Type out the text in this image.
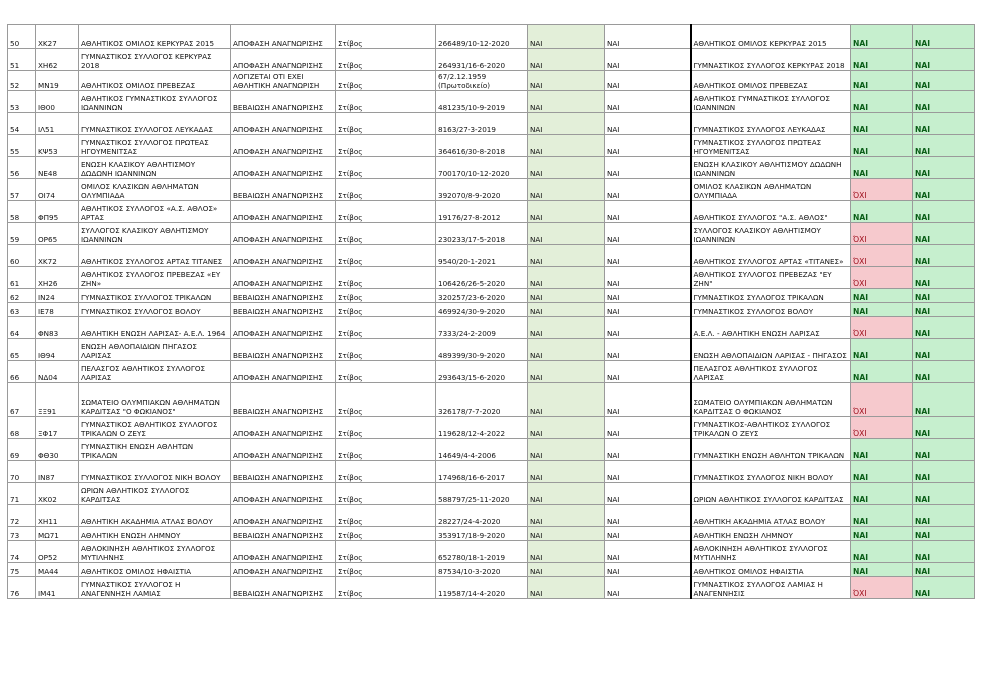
50	ΧΚ27	ΑΘΛΗΤΙΚΟΣ ΟΜΙΛΟΣ ΚΕΡΚΥΡΑΣ 2015	ΑΠΟΦΑΣΗ ΑΝΑΓΝΩΡΙΣΗΣ	Στίβος	266489/10-12-2020	ΝΑΙ	ΝΑΙ	ΑΘΛΗΤΙΚΟΣ ΟΜΙΛΟΣ ΚΕΡΚΥΡΑΣ 2015	ΝΑΙ	ΝΑΙ
51	ΧΗ62	ΓΥΜΝΑΣΤΙΚΟΣ ΣΥΛΛΟΓΟΣ ΚΕΡΚΥΡΑΣ 2018	ΑΠΟΦΑΣΗ ΑΝΑΓΝΩΡΙΣΗΣ	Στίβος	264931/16-6-2020	ΝΑΙ	ΝΑΙ	ΓΥΜΝΑΣΤΙΚΟΣ ΣΥΛΛΟΓΟΣ ΚΕΡΚΥΡΑΣ 2018	ΝΑΙ	ΝΑΙ
52	ΜΝ19	ΑΘΛΗΤΙΚΟΣ ΟΜΙΛΟΣ ΠΡΕΒΕΖΑΣ	ΛΟΓΙΖΕΤΑΙ ΟΤΙ ΕΧΕΙ ΑΘΛΗΤΙΚΗ ΑΝΑΓΝΩΡΙΣΗ	Στίβος	67/2.12.1959 (Πρωτοδικείο)	ΝΑΙ	ΝΑΙ	ΑΘΛΗΤΙΚΟΣ ΟΜΙΛΟΣ ΠΡΕΒΕΖΑΣ	ΝΑΙ	ΝΑΙ
53	ΙΘ00	ΑΘΛΗΤΙΚΟΣ ΓΥΜΝΑΣΤΙΚΟΣ ΣΥΛΛΟΓΟΣ ΙΩΑΝΝΙΝΩΝ	ΒΕΒΑΙΩΣΗ ΑΝΑΓΝΩΡΙΣΗΣ	Στίβος	481235/10-9-2019	ΝΑΙ	ΝΑΙ	ΑΘΛΗΤΙΚΟΣ ΓΥΜΝΑΣΤΙΚΟΣ ΣΥΛΛΟΓΟΣ ΙΩΑΝΝΙΝΩΝ	ΝΑΙ	ΝΑΙ
54	ΙΛ51	ΓΥΜΝΑΣΤΙΚΟΣ ΣΥΛΛΟΓΟΣ ΛΕΥΚΑΔΑΣ	ΑΠΟΦΑΣΗ ΑΝΑΓΝΩΡΙΣΗΣ	Στίβος	8163/27-3-2019	ΝΑΙ	ΝΑΙ	ΓΥΜΝΑΣΤΙΚΟΣ ΣΥΛΛΟΓΟΣ ΛΕΥΚΑΔΑΣ	ΝΑΙ	ΝΑΙ
55	ΚΨ53	ΓΥΜΝΑΣΤΙΚΟΣ ΣΥΛΛΟΓΟΣ ΠΡΩΤΕΑΣ ΗΓΟΥΜΕΝΙΤΣΑΣ	ΑΠΟΦΑΣΗ ΑΝΑΓΝΩΡΙΣΗΣ	Στίβος	364616/30-8-2018	ΝΑΙ	ΝΑΙ	ΓΥΜΝΑΣΤΙΚΟΣ ΣΥΛΛΟΓΟΣ ΠΡΩΤΕΑΣ ΗΓΟΥΜΕΝΙΤΣΑΣ	ΝΑΙ	ΝΑΙ
56	ΝΕ48	ΕΝΩΣΗ ΚΛΑΣΙΚΟΥ ΑΘΛΗΤΙΣΜΟΥ ΔΩΔΩΝΗ ΙΩΑΝΝΙΝΩΝ	ΑΠΟΦΑΣΗ ΑΝΑΓΝΩΡΙΣΗΣ	Στίβος	700170/10-12-2020	ΝΑΙ	ΝΑΙ	ΕΝΩΣΗ ΚΛΑΣΙΚΟΥ ΑΘΛΗΤΙΣΜΟΥ ΔΩΔΩΝΗ ΙΩΑΝΝΙΝΩΝ	ΝΑΙ	ΝΑΙ
57	ΟΙ74	ΟΜΙΛΟΣ ΚΛΑΣΙΚΩΝ ΑΘΛΗΜΑΤΩΝ ΟΛΥΜΠΙΑΔΑ	ΒΕΒΑΙΩΣΗ ΑΝΑΓΝΩΡΙΣΗΣ	Στίβος	392070/8-9-2020	ΝΑΙ	ΝΑΙ	ΟΜΙΛΟΣ ΚΛΑΣΙΚΩΝ ΑΘΛΗΜΑΤΩΝ ΟΛΥΜΠΙΑΔΑ	ΌΧΙ	ΝΑΙ
58	ΦΠ95	ΑΘΛΗΤΙΚΟΣ ΣΥΛΛΟΓΟΣ «Α.Σ. ΑΘΛΟΣ» ΑΡΤΑΣ	ΑΠΟΦΑΣΗ ΑΝΑΓΝΩΡΙΣΗΣ	Στίβος	19176/27-8-2012	ΝΑΙ	ΝΑΙ	ΑΘΛΗΤΙΚΟΣ ΣΥΛΛΟΓΟΣ "Α.Σ. ΑΘΛΟΣ"	ΝΑΙ	ΝΑΙ
59	ΟΡ65	ΣΥΛΛΟΓΟΣ ΚΛΑΣΙΚΟΥ ΑΘΛΗΤΙΣΜΟΥ ΙΩΑΝΝΙΝΩΝ	ΑΠΟΦΑΣΗ ΑΝΑΓΝΩΡΙΣΗΣ	Στίβος	230233/17-5-2018	ΝΑΙ	ΝΑΙ	ΣΥΛΛΟΓΟΣ ΚΛΑΣΙΚΟΥ ΑΘΛΗΤΙΣΜΟΥ ΙΩΑΝΝΙΝΩΝ	ΌΧΙ	ΝΑΙ
60	ΧΚ72	ΑΘΛΗΤΙΚΟΣ ΣΥΛΛΟΓΟΣ ΑΡΤΑΣ ΤΙΤΑΝΕΣ	ΑΠΟΦΑΣΗ ΑΝΑΓΝΩΡΙΣΗΣ	Στίβος	9540/20-1-2021	ΝΑΙ	ΝΑΙ	ΑΘΛΗΤΙΚΟΣ ΣΥΛΛΟΓΟΣ ΑΡΤΑΣ «ΤΙΤΑΝΕΣ»	ΌΧΙ	ΝΑΙ
61	ΧΗ26	ΑΘΛΗΤΙΚΟΣ ΣΥΛΛΟΓΟΣ ΠΡΕΒΕΖΑΣ «ΕΥ ΖΗΝ»	ΑΠΟΦΑΣΗ ΑΝΑΓΝΩΡΙΣΗΣ	Στίβος	106426/26-5-2020	ΝΑΙ	ΝΑΙ	ΑΘΛΗΤΙΚΟΣ ΣΥΛΛΟΓΟΣ ΠΡΕΒΕΖΑΣ "ΕΥ ΖΗΝ"	ΌΧΙ	ΝΑΙ
62	ΙΝ24	ΓΥΜΝΑΣΤΙΚΟΣ ΣΥΛΛΟΓΟΣ ΤΡΙΚΑΛΩΝ	ΒΕΒΑΙΩΣΗ ΑΝΑΓΝΩΡΙΣΗΣ	Στίβος	320257/23-6-2020	ΝΑΙ	ΝΑΙ	ΓΥΜΝΑΣΤΙΚΟΣ ΣΥΛΛΟΓΟΣ ΤΡΙΚΑΛΩΝ	ΝΑΙ	ΝΑΙ
63	ΙΕ78	ΓΥΜΝΑΣΤΙΚΟΣ ΣΥΛΛΟΓΟΣ ΒΟΛΟΥ	ΒΕΒΑΙΩΣΗ ΑΝΑΓΝΩΡΙΣΗΣ	Στίβος	469924/30-9-2020	ΝΑΙ	ΝΑΙ	ΓΥΜΝΑΣΤΙΚΟΣ ΣΥΛΛΟΓΟΣ ΒΟΛΟΥ	ΝΑΙ	ΝΑΙ
64	ΦΝ83	ΑΘΛΗΤΙΚΗ ΕΝΩΣΗ ΛΑΡΙΣΑΣ- Α.Ε.Λ. 1964	ΑΠΟΦΑΣΗ ΑΝΑΓΝΩΡΙΣΗΣ	Στίβος	7333/24-2-2009	ΝΑΙ	ΝΑΙ	Α.Ε.Λ. - ΑΘΛΗΤΙΚΗ ΕΝΩΣΗ ΛΑΡΙΣΑΣ	ΌΧΙ	ΝΑΙ
65	ΙΘ94	ΕΝΩΣΗ ΑΘΛΟΠΑΙΔΙΩΝ ΠΗΓΑΣΟΣ ΛΑΡΙΣΑΣ	ΒΕΒΑΙΩΣΗ ΑΝΑΓΝΩΡΙΣΗΣ	Στίβος	489399/30-9-2020	ΝΑΙ	ΝΑΙ	ΕΝΩΣΗ ΑΘΛΟΠΑΙΔΙΩΝ ΛΑΡΙΣΑΣ - ΠΗΓΑΣΟΣ	ΝΑΙ	ΝΑΙ
66	ΝΔ04	ΠΕΛΑΣΓΟΣ ΑΘΛΗΤΙΚΟΣ ΣΥΛΛΟΓΟΣ ΛΑΡΙΣΑΣ	ΑΠΟΦΑΣΗ ΑΝΑΓΝΩΡΙΣΗΣ	Στίβος	293643/15-6-2020	ΝΑΙ	ΝΑΙ	ΠΕΛΑΣΓΟΣ ΑΘΛΗΤΙΚΟΣ ΣΥΛΛΟΓΟΣ ΛΑΡΙΣΑΣ	ΝΑΙ	ΝΑΙ
67	ΞΞ91	ΣΩΜΑΤΕΙΟ ΟΛΥΜΠΙΑΚΩΝ ΑΘΛΗΜΑΤΩΝ ΚΑΡΔΙΤΣΑΣ "Ο ΦΩΚΙΑΝΟΣ"	ΒΕΒΑΙΩΣΗ ΑΝΑΓΝΩΡΙΣΗΣ	Στίβος	326178/7-7-2020	ΝΑΙ	ΝΑΙ	ΣΩΜΑΤΕΙΟ ΟΛΥΜΠΙΑΚΩΝ ΑΘΛΗΜΑΤΩΝ ΚΑΡΔΙΤΣΑΣ Ο ΦΩΚΙΑΝΟΣ	ΌΧΙ	ΝΑΙ
68	ΞΦ17	ΓΥΜΝΑΣΤΙΚΟΣ ΑΘΛΗΤΙΚΟΣ ΣΥΛΛΟΓΟΣ ΤΡΙΚΑΛΩΝ Ο ΖΕΥΣ	ΑΠΟΦΑΣΗ ΑΝΑΓΝΩΡΙΣΗΣ	Στίβος	119628/12-4-2022	ΝΑΙ	ΝΑΙ	ΓΥΜΝΑΣΤΙΚΟΣ-ΑΘΛΗΤΙΚΟΣ ΣΥΛΛΟΓΟΣ ΤΡΙΚΑΛΩΝ Ο ΖΕΥΣ	ΌΧΙ	ΝΑΙ
69	ΦΘ30	ΓΥΜΝΑΣΤΙΚΗ ΕΝΩΣΗ ΑΘΛΗΤΩΝ ΤΡΙΚΑΛΩΝ	ΑΠΟΦΑΣΗ ΑΝΑΓΝΩΡΙΣΗΣ	Στίβος	14649/4-4-2006	ΝΑΙ	ΝΑΙ	ΓΥΜΝΑΣΤΙΚΗ ΕΝΩΣΗ ΑΘΛΗΤΩΝ ΤΡΙΚΑΛΩΝ	ΝΑΙ	ΝΑΙ
70	ΙΝ87	ΓΥΜΝΑΣΤΙΚΟΣ ΣΥΛΛΟΓΟΣ ΝΙΚΗ ΒΟΛΟΥ	ΒΕΒΑΙΩΣΗ ΑΝΑΓΝΩΡΙΣΗΣ	Στίβος	174968/16-6-2017	ΝΑΙ	ΝΑΙ	ΓΥΜΝΑΣΤΙΚΟΣ ΣΥΛΛΟΓΟΣ ΝΙΚΗ ΒΟΛΟΥ	ΝΑΙ	ΝΑΙ
71	ΧΚ02	ΩΡΙΩΝ ΑΘΛΗΤΙΚΟΣ ΣΥΛΛΟΓΟΣ ΚΑΡΔΙΤΣΑΣ	ΑΠΟΦΑΣΗ ΑΝΑΓΝΩΡΙΣΗΣ	Στίβος	588797/25-11-2020	ΝΑΙ	ΝΑΙ	ΩΡΙΩΝ ΑΘΛΗΤΙΚΟΣ ΣΥΛΛΟΓΟΣ ΚΑΡΔΙΤΣΑΣ	ΝΑΙ	ΝΑΙ
72	ΧΗ11	ΑΘΛΗΤΙΚΗ ΑΚΑΔΗΜΙΑ ΑΤΛΑΣ ΒΟΛΟΥ	ΑΠΟΦΑΣΗ ΑΝΑΓΝΩΡΙΣΗΣ	Στίβος	28227/24-4-2020	ΝΑΙ	ΝΑΙ	ΑΘΛΗΤΙΚΗ ΑΚΑΔΗΜΙΑ ΑΤΛΑΣ ΒΟΛΟΥ	ΝΑΙ	ΝΑΙ
73	ΜΩ71	ΑΘΛΗΤΙΚΗ ΕΝΩΣΗ ΛΗΜΝΟΥ	ΒΕΒΑΙΩΣΗ ΑΝΑΓΝΩΡΙΣΗΣ	Στίβος	353917/18-9-2020	ΝΑΙ	ΝΑΙ	ΑΘΛΗΤΙΚΗ ΕΝΩΣΗ ΛΗΜΝΟΥ	ΝΑΙ	ΝΑΙ
74	ΟΡ52	ΑΘΛΟΚΙΝΗΣΗ ΑΘΛΗΤΙΚΟΣ ΣΥΛΛΟΓΟΣ ΜΥΤΙΛΗΝΗΣ	ΑΠΟΦΑΣΗ ΑΝΑΓΝΩΡΙΣΗΣ	Στίβος	652780/18-1-2019	ΝΑΙ	ΝΑΙ	ΑΘΛΟΚΙΝΗΣΗ ΑΘΛΗΤΙΚΟΣ ΣΥΛΛΟΓΟΣ ΜΥΤΙΛΗΝΗΣ	ΝΑΙ	ΝΑΙ
75	ΜΑ44	ΑΘΛΗΤΙΚΟΣ ΟΜΙΛΟΣ ΗΦΑΙΣΤΙΑ	ΑΠΟΦΑΣΗ ΑΝΑΓΝΩΡΙΣΗΣ	Στίβος	87534/10-3-2020	ΝΑΙ	ΝΑΙ	ΑΘΛΗΤΙΚΟΣ ΟΜΙΛΟΣ ΗΦΑΙΣΤΙΑ	ΝΑΙ	ΝΑΙ
76	ΙΜ41	ΓΥΜΝΑΣΤΙΚΟΣ ΣΥΛΛΟΓΟΣ Η ΑΝΑΓΕΝΝΗΣΗ ΛΑΜΙΑΣ	ΒΕΒΑΙΩΣΗ ΑΝΑΓΝΩΡΙΣΗΣ	Στίβος	119587/14-4-2020	ΝΑΙ	ΝΑΙ	ΓΥΜΝΑΣΤΙΚΟΣ ΣΥΛΛΟΓΟΣ ΛΑΜΙΑΣ Η ΑΝΑΓΕΝΝΗΣΙΣ	ΌΧΙ	ΝΑΙ
